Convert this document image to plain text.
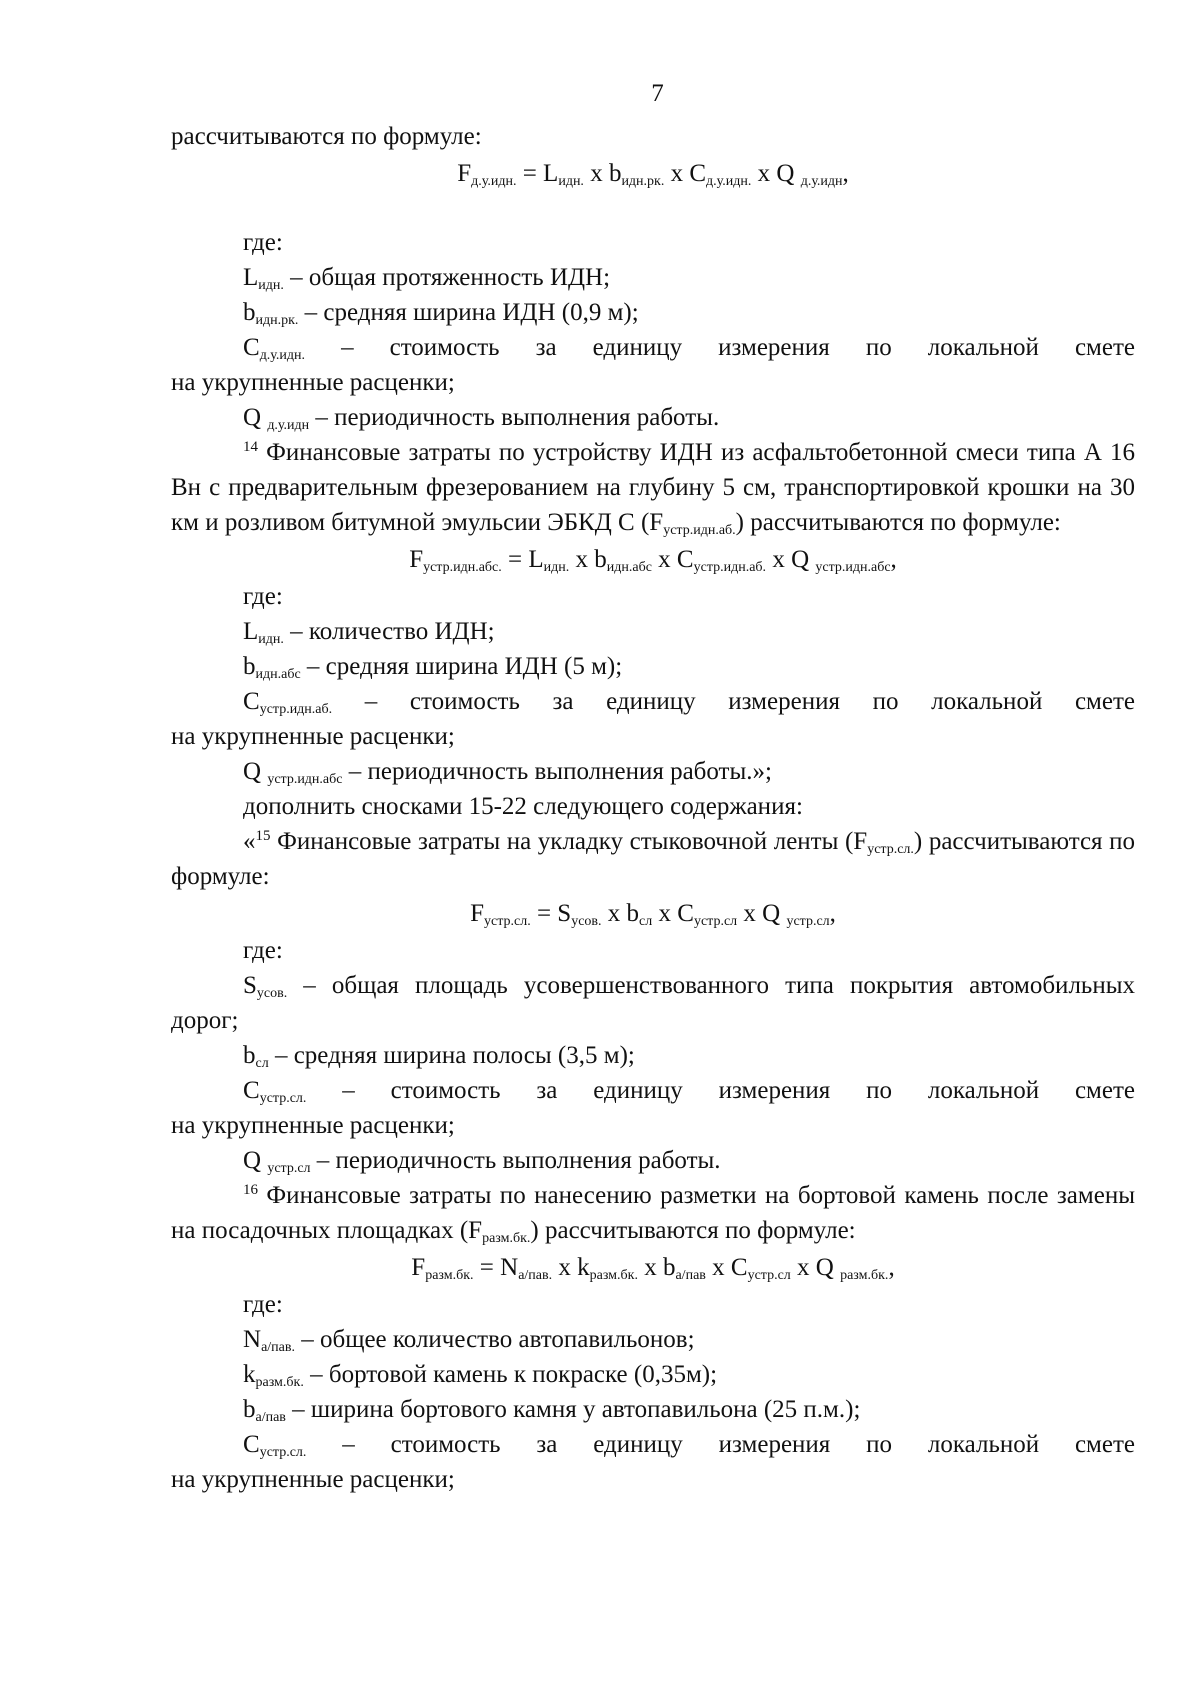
7

рассчитываются по формуле:

$F_{д.у.идн.} = L_{идн.}$ x $b_{идн.рк.}$ x $C_{д.у.идн.}$ x Q $_{д.у.идн}$,

где:

$L_{идн.}$ – общая протяженность ИДН;

$b_{идн.рк.}$ – средняя ширина ИДН (0,9 м);

$C_{д.у.идн.}$ – стоимость за единицу измерения по локальной смете

на укрупненные расценки;

Q $_{д.у.идн}$ – периодичность выполнения работы.

$^{14}$ Финансовые затраты по устройству ИДН из асфальтобетонной смеси типа А 16 Вн с предварительным фрезерованием на глубину 5 см, транспортировкой крошки на 30 км и розливом битумной эмульсии ЭБКД С $(F_{устр.идн.аб.})$ рассчитываются по формуле:

$F_{устр.идн.абс.} = L_{идн.}$ x $b_{идн.абс}$ x $C_{устр.идн.аб.}$ x Q $_{устр.идн.абс}$,

где:

$L_{идн.}$ – количество ИДН;

$b_{идн.абс}$ – средняя ширина ИДН (5 м);

$C_{устр.идн.аб.}$ – стоимость за единицу измерения по локальной смете

на укрупненные расценки;

Q $_{устр.идн.абс}$ – периодичность выполнения работы.»;

дополнить сносками 15-22 следующего содержания:

«$^{15}$ Финансовые затраты на укладку стыковочной ленты $(F_{устр.сл.})$ рассчитываются по формуле:

$F_{устр.сл.} = S_{усов.}$ x $b_{сл}$ x $C_{устр.сл}$ x Q $_{устр.сл}$,

где:

$S_{усов.}$ – общая площадь усовершенствованного типа покрытия автомобильных дорог;

$b_{сл}$ – средняя ширина полосы (3,5 м);

$C_{устр.сл.}$ – стоимость за единицу измерения по локальной смете

на укрупненные расценки;

Q $_{устр.сл}$ – периодичность выполнения работы.

$^{16}$ Финансовые затраты по нанесению разметки на бортовой камень после замены на посадочных площадках $(F_{разм.бк.})$ рассчитываются по формуле:

$F_{разм.бк.} = N_{а/пав.}$ x $k_{разм.бк.}$ x $b_{а/пав}$ x $C_{устр.сл}$ x Q $_{разм.бк.}$,

где:

$N_{а/пав.}$ – общее количество автопавильонов;

$k_{разм.бк.}$ – бортовой камень к покраске (0,35м);

$b_{а/пав}$ – ширина бортового камня у автопавильона (25 п.м.);

$C_{устр.сл.}$ – стоимость за единицу измерения по локальной смете

на укрупненные расценки;
